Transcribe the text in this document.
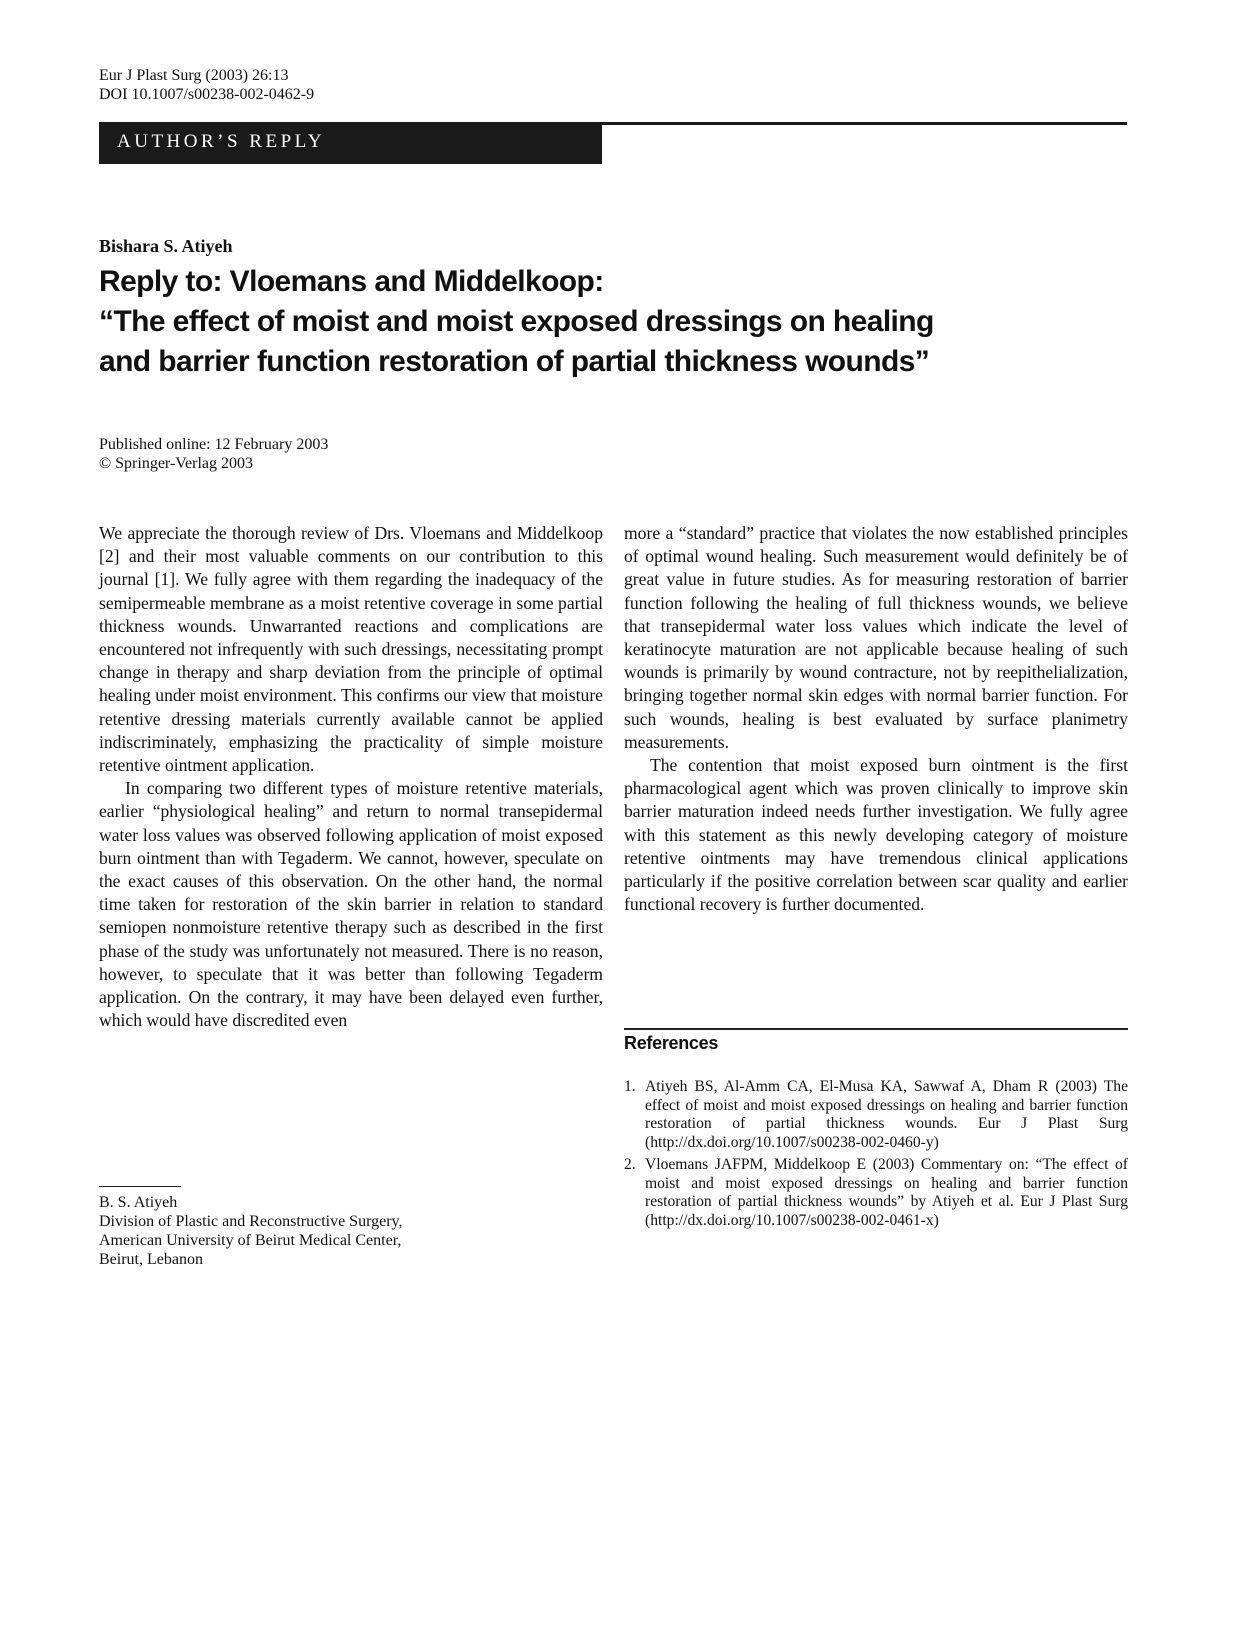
Eur J Plast Surg (2003) 26:13
DOI 10.1007/s00238-002-0462-9
AUTHOR’S REPLY
Bishara S. Atiyeh
Reply to: Vloemans and Middelkoop:
“The effect of moist and moist exposed dressings on healing
and barrier function restoration of partial thickness wounds”
Published online: 12 February 2003
© Springer-Verlag 2003

We appreciate the thorough review of Drs. Vloemans and Middelkoop [2] and their most valuable comments on our contribution to this journal [1]. We fully agree with them regarding the inadequacy of the semipermeable membrane as a moist retentive coverage in some partial thickness wounds. Unwarranted reactions and complications are encountered not infrequently with such dressings, necessitating prompt change in therapy and sharp deviation from the principle of optimal healing under moist environment. This confirms our view that moisture retentive dressing materials currently available cannot be applied indiscriminately, emphasizing the practicality of simple moisture retentive ointment application.

In comparing two different types of moisture retentive materials, earlier “physiological healing” and return to normal transepidermal water loss values was observed following application of moist exposed burn ointment than with Tegaderm. We cannot, however, speculate on the exact causes of this observation. On the other hand, the normal time taken for restoration of the skin barrier in relation to standard semiopen nonmoisture retentive therapy such as described in the first phase of the study was unfortunately not measured. There is no reason, however, to speculate that it was better than following Tegaderm application. On the contrary, it may have been delayed even further, which would have discredited even

more a “standard” practice that violates the now established principles of optimal wound healing. Such measurement would definitely be of great value in future studies. As for measuring restoration of barrier function following the healing of full thickness wounds, we believe that transepidermal water loss values which indicate the level of keratinocyte maturation are not applicable because healing of such wounds is primarily by wound contracture, not by reepithelialization, bringing together normal skin edges with normal barrier function. For such wounds, healing is best evaluated by surface planimetry measurements.

The contention that moist exposed burn ointment is the first pharmacological agent which was proven clinically to improve skin barrier maturation indeed needs further investigation. We fully agree with this statement as this newly developing category of moisture retentive ointments may have tremendous clinical applications particularly if the positive correlation between scar quality and earlier functional recovery is further documented.

B. S. Atiyeh
Division of Plastic and Reconstructive Surgery,
American University of Beirut Medical Center,
Beirut, Lebanon
References
1. Atiyeh BS, Al-Amm CA, El-Musa KA, Sawwaf A, Dham R (2003) The effect of moist and moist exposed dressings on healing and barrier function restoration of partial thickness wounds. Eur J Plast Surg (http://dx.doi.org/10.1007/s00238-002-0460-y)
2. Vloemans JAFPM, Middelkoop E (2003) Commentary on: “The effect of moist and moist exposed dressings on healing and barrier function restoration of partial thickness wounds” by Atiyeh et al. Eur J Plast Surg (http://dx.doi.org/10.1007/s00238-002-0461-x)
